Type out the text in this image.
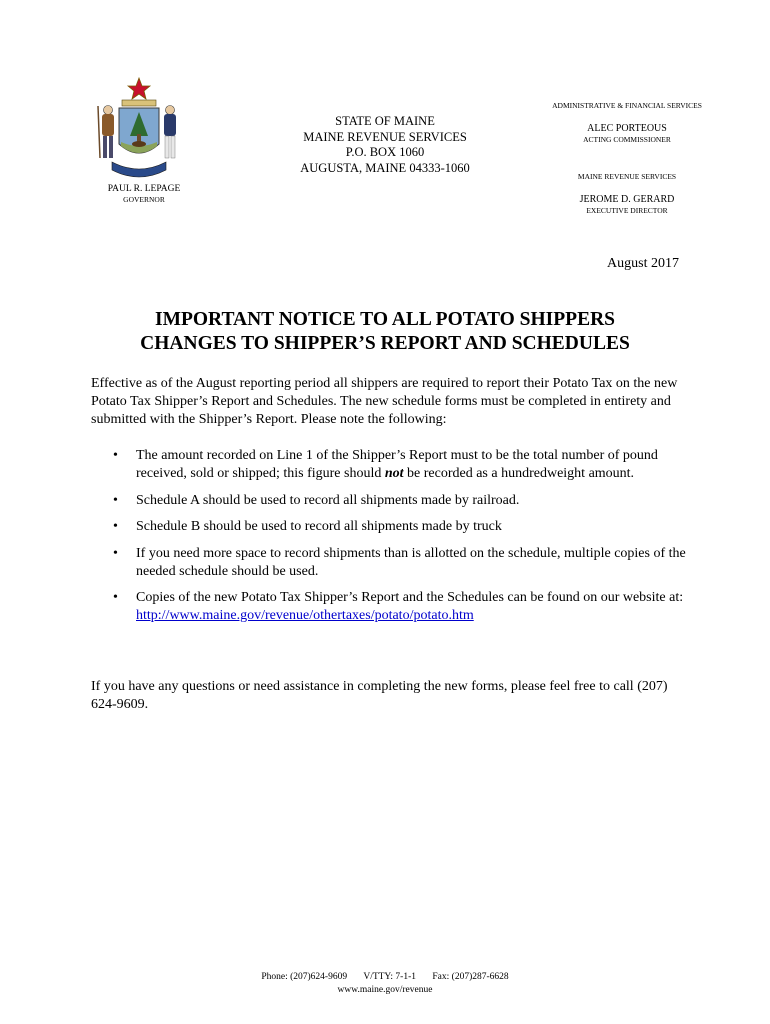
PAUL R. LEPAGE
GOVERNOR
STATE OF MAINE
MAINE REVENUE SERVICES
P.O. BOX 1060
AUGUSTA, MAINE 04333-1060
ADMINISTRATIVE & FINANCIAL SERVICES
ALEC PORTEOUS
ACTING COMMISSIONER
MAINE REVENUE SERVICES
JEROME D. GERARD
EXECUTIVE DIRECTOR
August 2017
IMPORTANT NOTICE TO ALL POTATO SHIPPERS
CHANGES TO SHIPPER’S REPORT AND SCHEDULES

Effective as of the August reporting period all shippers are required to report their Potato Tax on the new Potato Tax Shipper’s Report and Schedules. The new schedule forms must be completed in entirety and submitted with the Shipper’s Report. Please note the following:

• The amount recorded on Line 1 of the Shipper’s Report must to be the total number of pound received, sold or shipped; this figure should not be recorded as a hundredweight amount.
• Schedule A should be used to record all shipments made by railroad.
• Schedule B should be used to record all shipments made by truck
• If you need more space to record shipments than is allotted on the schedule, multiple copies of the needed schedule should be used.
• Copies of the new Potato Tax Shipper’s Report and the Schedules can be found on our website at: http://www.maine.gov/revenue/othertaxes/potato/potato.htm

If you have any questions or need assistance in completing the new forms, please feel free to call (207) 624-9609.

Phone: (207)624-9609 V/TTY: 7-1-1 Fax: (207)287-6628
www.maine.gov/revenue
